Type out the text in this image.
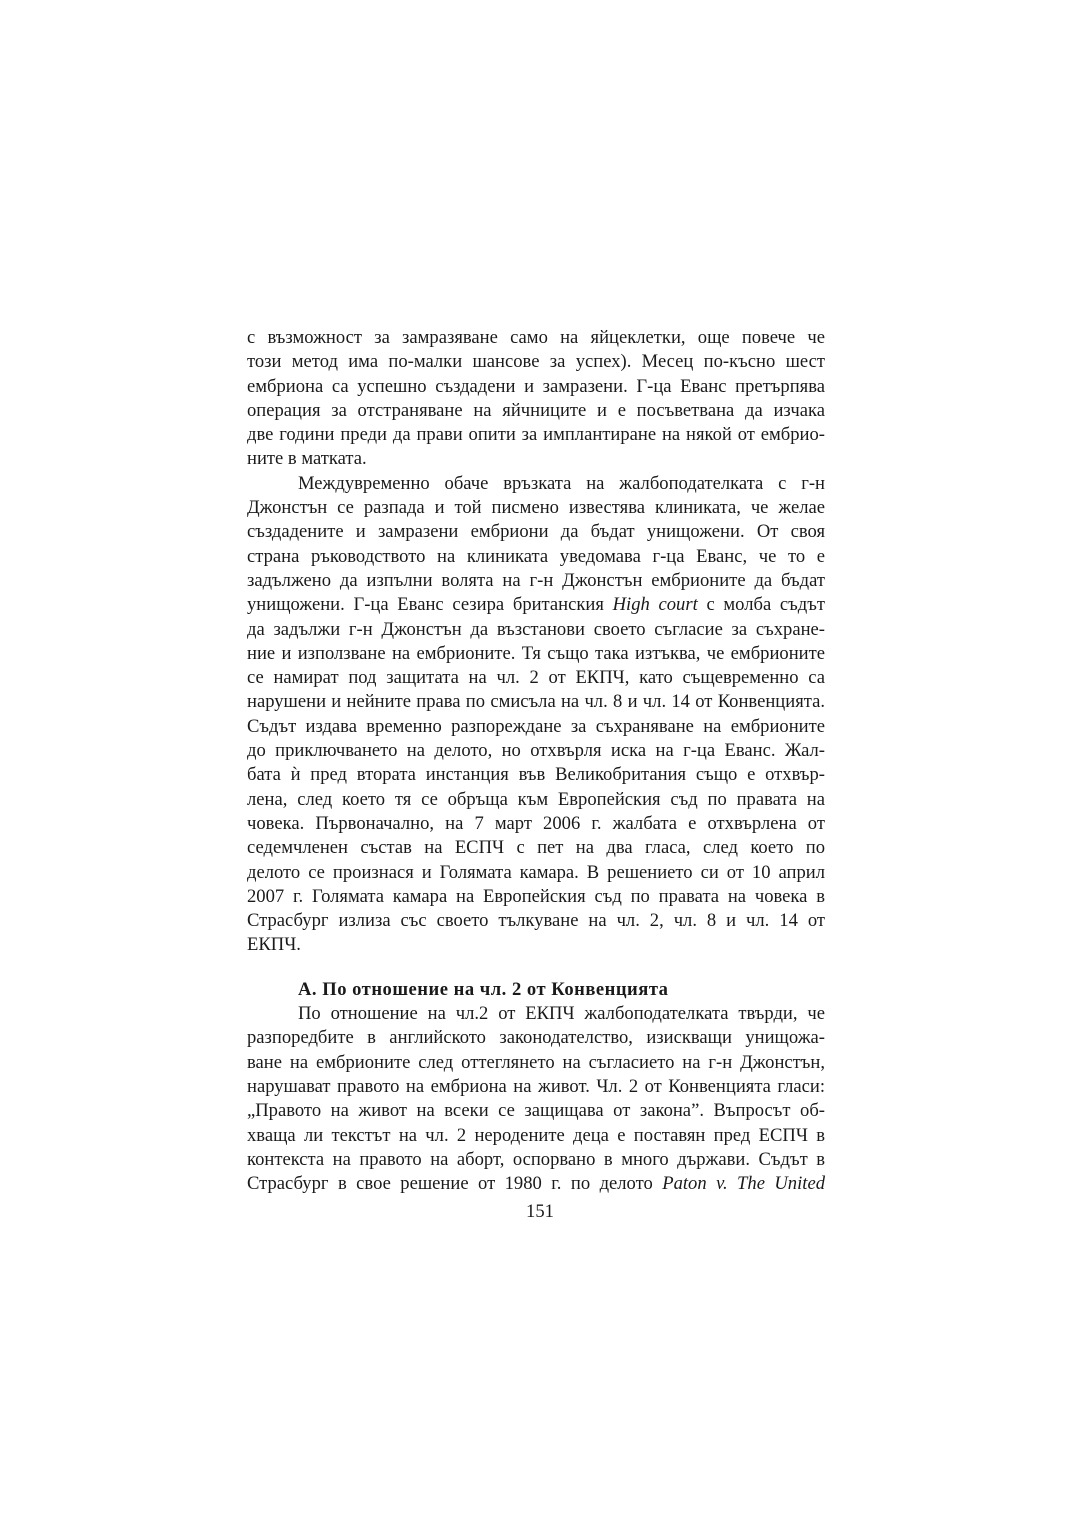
с възможност за замразяване само на яйцеклетки, още повече че
този метод има по-малки шансове за успех). Месец по-късно шест
ембриона са успешно създадени и замразени. Г-ца Еванс претърпява
операция за отстраняване на яйчниците и е посъветвана да изчака
две години преди да прави опити за имплантиране на някой от ембрио-
ните в матката.
Междувременно обаче връзката на жалбоподателката с г-н
Джонстън се разпада и той писмено известява клиниката, че желае
създадените и замразени ембриони да бъдат унищожени. От своя
страна ръководството на клиниката уведомава г-ца Еванс, че то е
задължено да изпълни волята на г-н Джонстън ембрионите да бъдат
унищожени. Г-ца Еванс сезира британския High court с молба съдът
да задължи г-н Джонстън да възстанови своето съгласие за съхране-
ние и използване на ембрионите. Тя също така изтъква, че ембрионите
се намират под защитата на чл. 2 от ЕКПЧ, като същевременно са
нарушени и нейните права по смисъла на чл. 8 и чл. 14 от Конвенцията.
Съдът издава временно разпореждане за съхраняване на ембрионите
до приключването на делото, но отхвърля иска на г-ца Еванс. Жал-
бата ѝ пред втората инстанция във Великобритания също е отхвър-
лена, след което тя се обръща към Европейския съд по правата на
човека. Първоначално, на 7 март 2006 г. жалбата е отхвърлена от
седемчленен състав на ЕСПЧ с пет на два гласа, след което по
делото се произнася и Голямата камара. В решението си от 10 април
2007 г. Голямата камара на Европейския съд по правата на човека в
Страсбург излиза със своето тълкуване на чл. 2, чл. 8 и чл. 14 от
ЕКПЧ.
А. По отношение на чл. 2 от Конвенцията
По отношение на чл.2 от ЕКПЧ жалбоподателката твърди, че
разпоредбите в английското законодателство, изискващи унищожа-
ване на ембрионите след оттеглянето на съгласието на г-н Джонстън,
нарушават правото на ембриона на живот. Чл. 2 от Конвенцията гласи:
„Правото на живот на всеки се защищава от закона”. Въпросът об-
хваща ли текстът на чл. 2 неродените деца е поставян пред ЕСПЧ в
контекста на правото на аборт, оспорвано в много държави. Съдът в
Страсбург в свое решение от 1980 г. по делото Paton v. The United
151
